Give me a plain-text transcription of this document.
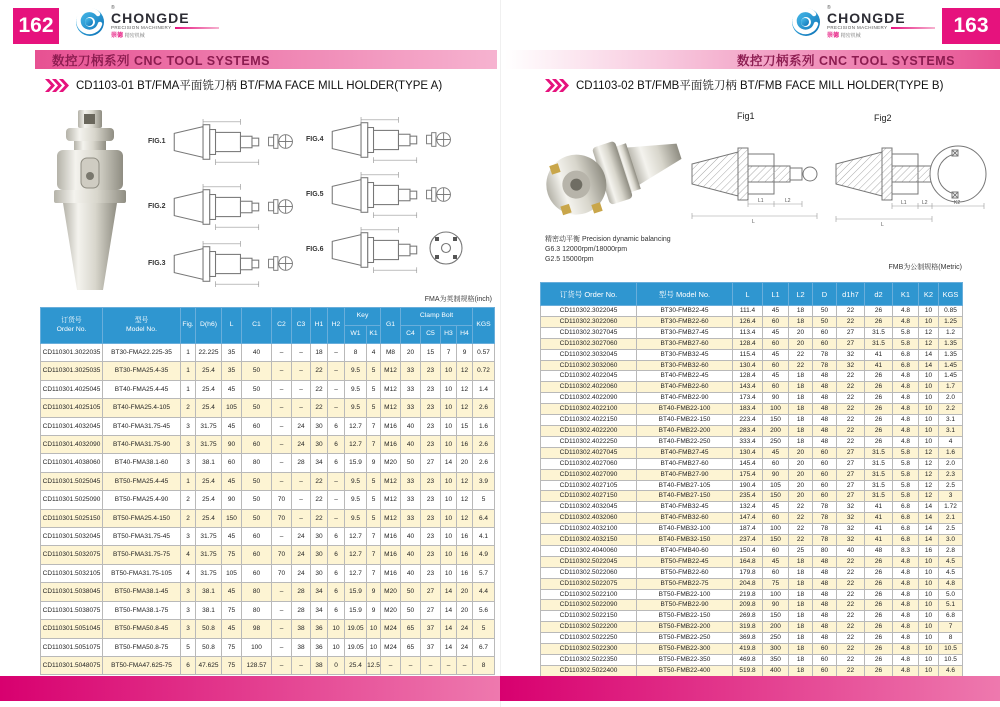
162
®
CHONGDE
PRECISION MACHINERY
崇德 精密机械
数控刀柄系列 CNC TOOL SYSTEMS
CD1103-01 BT/FMA平面铣刀柄 BT/FMA FACE MILL HOLDER(TYPE A)
FIG.1
FIG.2
FIG.3
FIG.4
FIG.5
FIG.6
FMA为英制规格(inch)
订货号
Order No.

型号
Model No.
	Fig.	D(h6)	L	C1	C2	C3	H1	H2	Key	G1	Clamp Bolt	KGS
										W1	K1		C4	C5	H3	H4	
CD110301.3022035	BT30-FMA22.225-35	1	22.225	35	40	–	–	18	–	8	4	M8	20	15	7	9	0.57
CD110301.3025035	BT30-FMA25.4-35	1	25.4	35	50	–	–	22	–	9.5	5	M12	33	23	10	12	0.72
CD110301.4025045	BT40-FMA25.4-45	1	25.4	45	50	–	–	22	–	9.5	5	M12	33	23	10	12	1.4
CD110301.4025105	BT40-FMA25.4-105	2	25.4	105	50	–	–	22	–	9.5	5	M12	33	23	10	12	2.6
CD110301.4032045	BT40-FMA31.75-45	3	31.75	45	60	–	24	30	6	12.7	7	M16	40	23	10	15	1.6
CD110301.4032090	BT40-FMA31.75-90	3	31.75	90	60	–	24	30	6	12.7	7	M16	40	23	10	16	2.6
CD110301.4038060	BT40-FMA38.1-60	3	38.1	60	80	–	28	34	6	15.9	9	M20	50	27	14	20	2.6
CD110301.5025045	BT50-FMA25.4-45	1	25.4	45	50	–	–	22	–	9.5	5	M12	33	23	10	12	3.9
CD110301.5025090	BT50-FMA25.4-90	2	25.4	90	50	70	–	22	–	9.5	5	M12	33	23	10	12	5
CD110301.5025150	BT50-FMA25.4-150	2	25.4	150	50	70	–	22	–	9.5	5	M12	33	23	10	12	6.4
CD110301.5032045	BT50-FMA31.75-45	3	31.75	45	60	–	24	30	6	12.7	7	M16	40	23	10	16	4.1
CD110301.5032075	BT50-FMA31.75-75	4	31.75	75	60	70	24	30	6	12.7	7	M16	40	23	10	16	4.9
CD110301.5032105	BT50-FMA31.75-105	4	31.75	105	60	70	24	30	6	12.7	7	M16	40	23	10	16	5.7
CD110301.5038045	BT50-FMA38.1-45	3	38.1	45	80	–	28	34	6	15.9	9	M20	50	27	14	20	4.4
CD110301.5038075	BT50-FMA38.1-75	3	38.1	75	80	–	28	34	6	15.9	9	M20	50	27	14	20	5.6
CD110301.5051045	BT50-FMA50.8-45	3	50.8	45	98	–	38	36	10	19.05	10	M24	65	37	14	24	5
CD110301.5051075	BT50-FMA50.8-75	5	50.8	75	100	–	38	36	10	19.05	10	M24	65	37	14	24	6.7
CD110301.5048075	BT50-FMA47.625-75	6	47.625	75	128.57	–	–	38	0	25.4	12.5	–	–	–	–	–	8
163
®
CHONGDE
PRECISION MACHINERY
崇德 精密机械
数控刀柄系列 CNC TOOL SYSTEMS
CD1103-02 BT/FMB平面铣刀柄 BT/FMB FACE MILL HOLDER(TYPE B)
Fig1
L1	L2
L
Fig2
L1	L2	K2
L
精密动平衡 Precision dynamic balancing
G6.3 12000rpm/18000rpm
G2.5 15000rpm
FMB为公制规格(Metric)
订货号 Order No.	型号 Model No.	L	L1	L2	D	d1h7	d2	K1	K2	KGS
CD110302.3022045	BT30-FMB22-45	111.4	45	18	50	22	26	4.8	10	0.85
CD110302.3022060	BT30-FMB22-60	126.4	60	18	50	22	26	4.8	10	1.25
CD110302.3027045	BT30-FMB27-45	113.4	45	20	60	27	31.5	5.8	12	1.2
CD110302.3027060	BT30-FMB27-60	128.4	60	20	60	27	31.5	5.8	12	1.35
CD110302.3032045	BT30-FMB32-45	115.4	45	22	78	32	41	6.8	14	1.35
CD110302.3032060	BT30-FMB32-60	130.4	60	22	78	32	41	6.8	14	1.45
CD110302.4022045	BT40-FMB22-45	128.4	45	18	48	22	26	4.8	10	1.45
CD110302.4022060	BT40-FMB22-60	143.4	60	18	48	22	26	4.8	10	1.7
CD110302.4022090	BT40-FMB22-90	173.4	90	18	48	22	26	4.8	10	2.0
CD110302.4022100	BT40-FMB22-100	183.4	100	18	48	22	26	4.8	10	2.2
CD110302.4022150	BT40-FMB22-150	223.4	150	18	48	22	26	4.8	10	3.1
CD110302.4022200	BT40-FMB22-200	283.4	200	18	48	22	26	4.8	10	3.1
CD110302.4022250	BT40-FMB22-250	333.4	250	18	48	22	26	4.8	10	4
CD110302.4027045	BT40-FMB27-45	130.4	45	20	60	27	31.5	5.8	12	1.6
CD110302.4027060	BT40-FMB27-60	145.4	60	20	60	27	31.5	5.8	12	2.0
CD110302.4027090	BT40-FMB27-90	175.4	90	20	60	27	31.5	5.8	12	2.3
CD110302.4027105	BT40-FMB27-105	190.4	105	20	60	27	31.5	5.8	12	2.5
CD110302.4027150	BT40-FMB27-150	235.4	150	20	60	27	31.5	5.8	12	3
CD110302.4032045	BT40-FMB32-45	132.4	45	22	78	32	41	6.8	14	1.72
CD110302.4032060	BT40-FMB32-60	147.4	60	22	78	32	41	6.8	14	2.1
CD110302.4032100	BT40-FMB32-100	187.4	100	22	78	32	41	6.8	14	2.5
CD110302.4032150	BT40-FMB32-150	237.4	150	22	78	32	41	6.8	14	3.0
CD110302.4040060	BT40-FMB40-60	150.4	60	25	80	40	48	8.3	16	2.8
CD110302.5022045	BT50-FMB22-45	164.8	45	18	48	22	26	4.8	10	4.5
CD110302.5022060	BT50-FMB22-60	179.8	60	18	48	22	26	4.8	10	4.5
CD110302.5022075	BT50-FMB22-75	204.8	75	18	48	22	26	4.8	10	4.8
CD110302.5022100	BT50-FMB22-100	219.8	100	18	48	22	26	4.8	10	5.0
CD110302.5022090	BT50-FMB22-90	209.8	90	18	48	22	26	4.8	10	5.1
CD110302.5022150	BT50-FMB22-150	269.8	150	18	48	22	26	4.8	10	6.8
CD110302.5022200	BT50-FMB22-200	319.8	200	18	48	22	26	4.8	10	7
CD110302.5022250	BT50-FMB22-250	369.8	250	18	48	22	26	4.8	10	8
CD110302.5022300	BT50-FMB22-300	419.8	300	18	60	22	26	4.8	10	10.5
CD110302.5022350	BT50-FMB22-350	469.8	350	18	60	22	26	4.8	10	10.5
CD110302.5022400	BT50-FMB22-400	519.8	400	18	60	22	26	4.8	10	4.6
